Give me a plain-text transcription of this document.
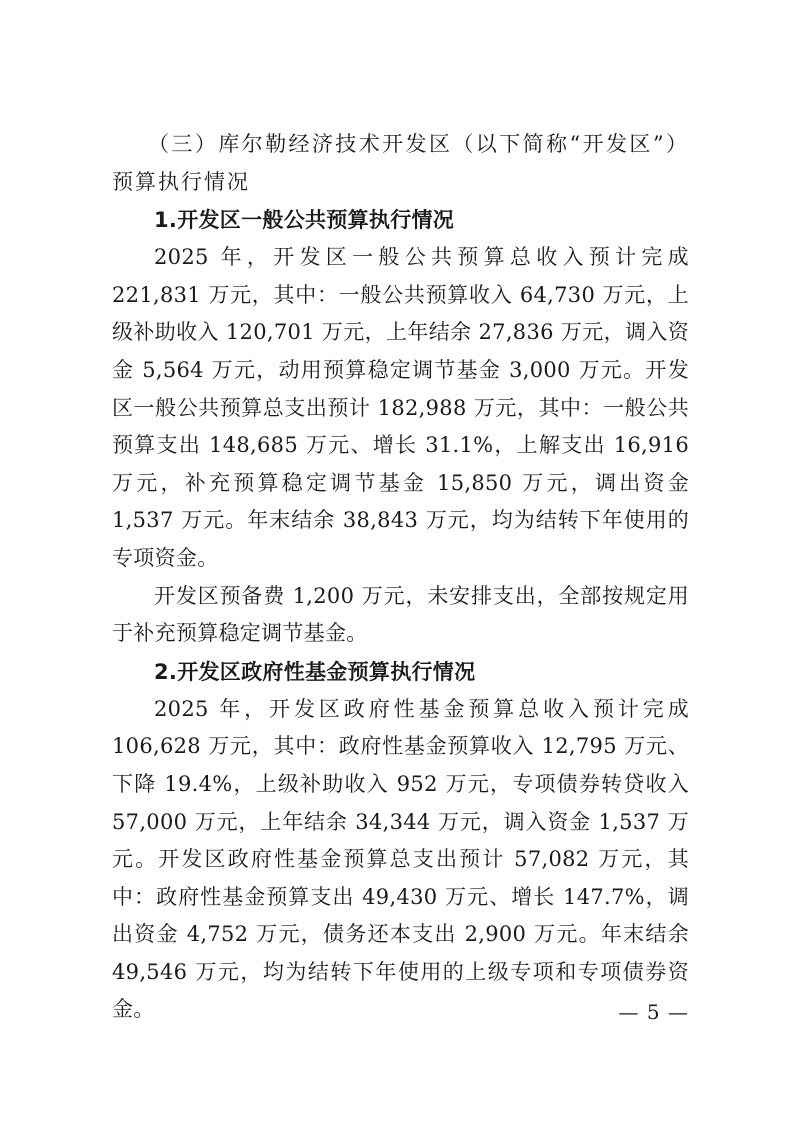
（三）库尔勒经济技术开发区（以下简称“开发区”）预算执行情况

1.开发区一般公共预算执行情况

2025 年，开发区一般公共预算总收入预计完成 221,831 万元，其中：一般公共预算收入 64,730 万元，上级补助收入 120,701 万元，上年结余 27,836 万元，调入资金 5,564 万元，动用预算稳定调节基金 3,000 万元。开发区一般公共预算总支出预计 182,988 万元，其中：一般公共预算支出 148,685 万元、增长 31.1%，上解支出 16,916 万元，补充预算稳定调节基金 15,850 万元，调出资金 1,537 万元。年末结余 38,843 万元，均为结转下年使用的专项资金。

开发区预备费 1,200 万元，未安排支出，全部按规定用于补充预算稳定调节基金。

2.开发区政府性基金预算执行情况

2025 年，开发区政府性基金预算总收入预计完成 106,628 万元，其中：政府性基金预算收入 12,795 万元、下降 19.4%，上级补助收入 952 万元，专项债券转贷收入 57,000 万元，上年结余 34,344 万元，调入资金 1,537 万元。开发区政府性基金预算总支出预计 57,082 万元，其中：政府性基金预算支出 49,430 万元、增长 147.7%，调出资金 4,752 万元，债务还本支出 2,900 万元。年末结余 49,546 万元，均为结转下年使用的上级专项和专项债券资金。	— 5 —
